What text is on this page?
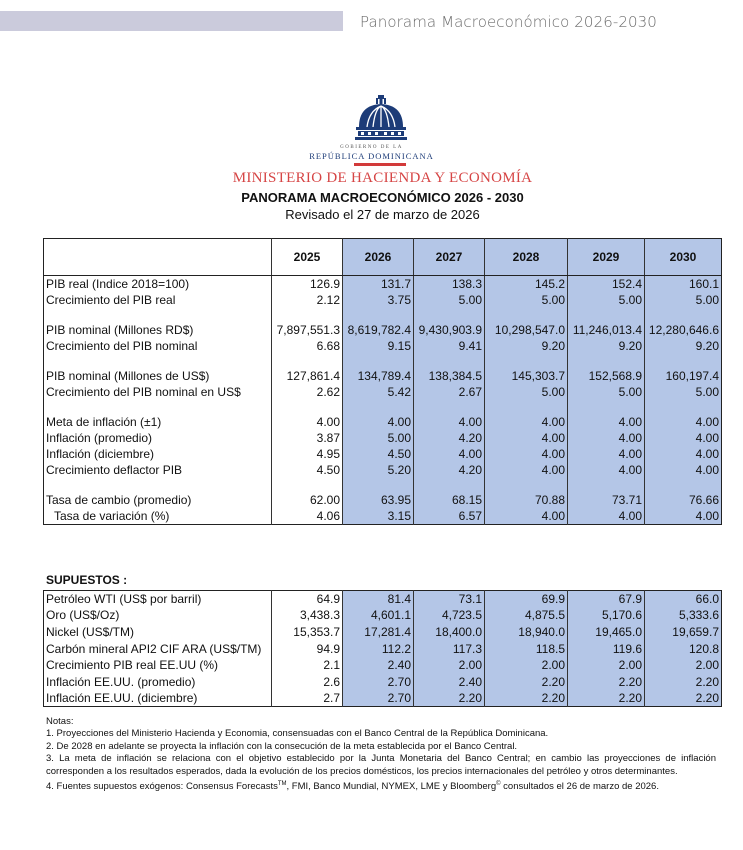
Panorama Macroeconómico 2026-2030
GOBIERNO DE LA
REPÚBLICA DOMINICANA
MINISTERIO DE HACIENDA Y ECONOMÍA
PANORAMA MACROECONÓMICO 2026 - 2030
Revisado el 27 de marzo de 2026
	2025	2026	2027	2028	2029	2030
PIB real (Indice 2018=100)	126.9	131.7	138.3	145.2	152.4	160.1
Crecimiento del PIB real	2.12	3.75	5.00	5.00	5.00	5.00

PIB nominal (Millones RD$)	7,897,551.3	8,619,782.4	9,430,903.9	10,298,547.0	11,246,013.4	12,280,646.6
Crecimiento del PIB nominal	6.68	9.15	9.41	9.20	9.20	9.20

PIB nominal (Millones de US$)	127,861.4	134,789.4	138,384.5	145,303.7	152,568.9	160,197.4
Crecimiento del PIB nominal en US$	2.62	5.42	2.67	5.00	5.00	5.00

Meta de inflación (±1)	4.00	4.00	4.00	4.00	4.00	4.00
Inflación (promedio)	3.87	5.00	4.20	4.00	4.00	4.00
Inflación (diciembre)	4.95	4.50	4.00	4.00	4.00	4.00
Crecimiento deflactor PIB	4.50	5.20	4.20	4.00	4.00	4.00

Tasa de cambio (promedio)	62.00	63.95	68.15	70.88	73.71	76.66
Tasa de variación (%)	4.06	3.15	6.57	4.00	4.00	4.00
SUPUESTOS :
Petróleo WTI (US$ por barril)	64.9	81.4	73.1	69.9	67.9	66.0
Oro (US$/Oz)	3,438.3	4,601.1	4,723.5	4,875.5	5,170.6	5,333.6
Nickel (US$/TM)	15,353.7	17,281.4	18,400.0	18,940.0	19,465.0	19,659.7
Carbón mineral API2 CIF ARA (US$/TM)	94.9	112.2	117.3	118.5	119.6	120.8
Crecimiento PIB real EE.UU (%)	2.1	2.40	2.00	2.00	2.00	2.00
Inflación EE.UU. (promedio)	2.6	2.70	2.40	2.20	2.20	2.20
Inflación EE.UU. (diciembre)	2.7	2.70	2.20	2.20	2.20	2.20

Notas:

1. Proyecciones del Ministerio Hacienda y Economia, consensuadas con el Banco Central de la República Dominicana.

2. De 2028 en adelante se proyecta la inflación con la consecución de la meta establecida por el Banco Central.

3. La meta de inflación se relaciona con el objetivo establecido por la Junta Monetaria del Banco Central; en cambio las proyecciones de inflación corresponden a los resultados esperados, dada la evolución de los precios domésticos, los precios internacionales del petróleo y otros determinantes.

4. Fuentes supuestos exógenos: Consensus Forecasts™, FMI, Banco Mundial, NYMEX, LME y Bloomberg© consultados el 26 de marzo de 2026.
